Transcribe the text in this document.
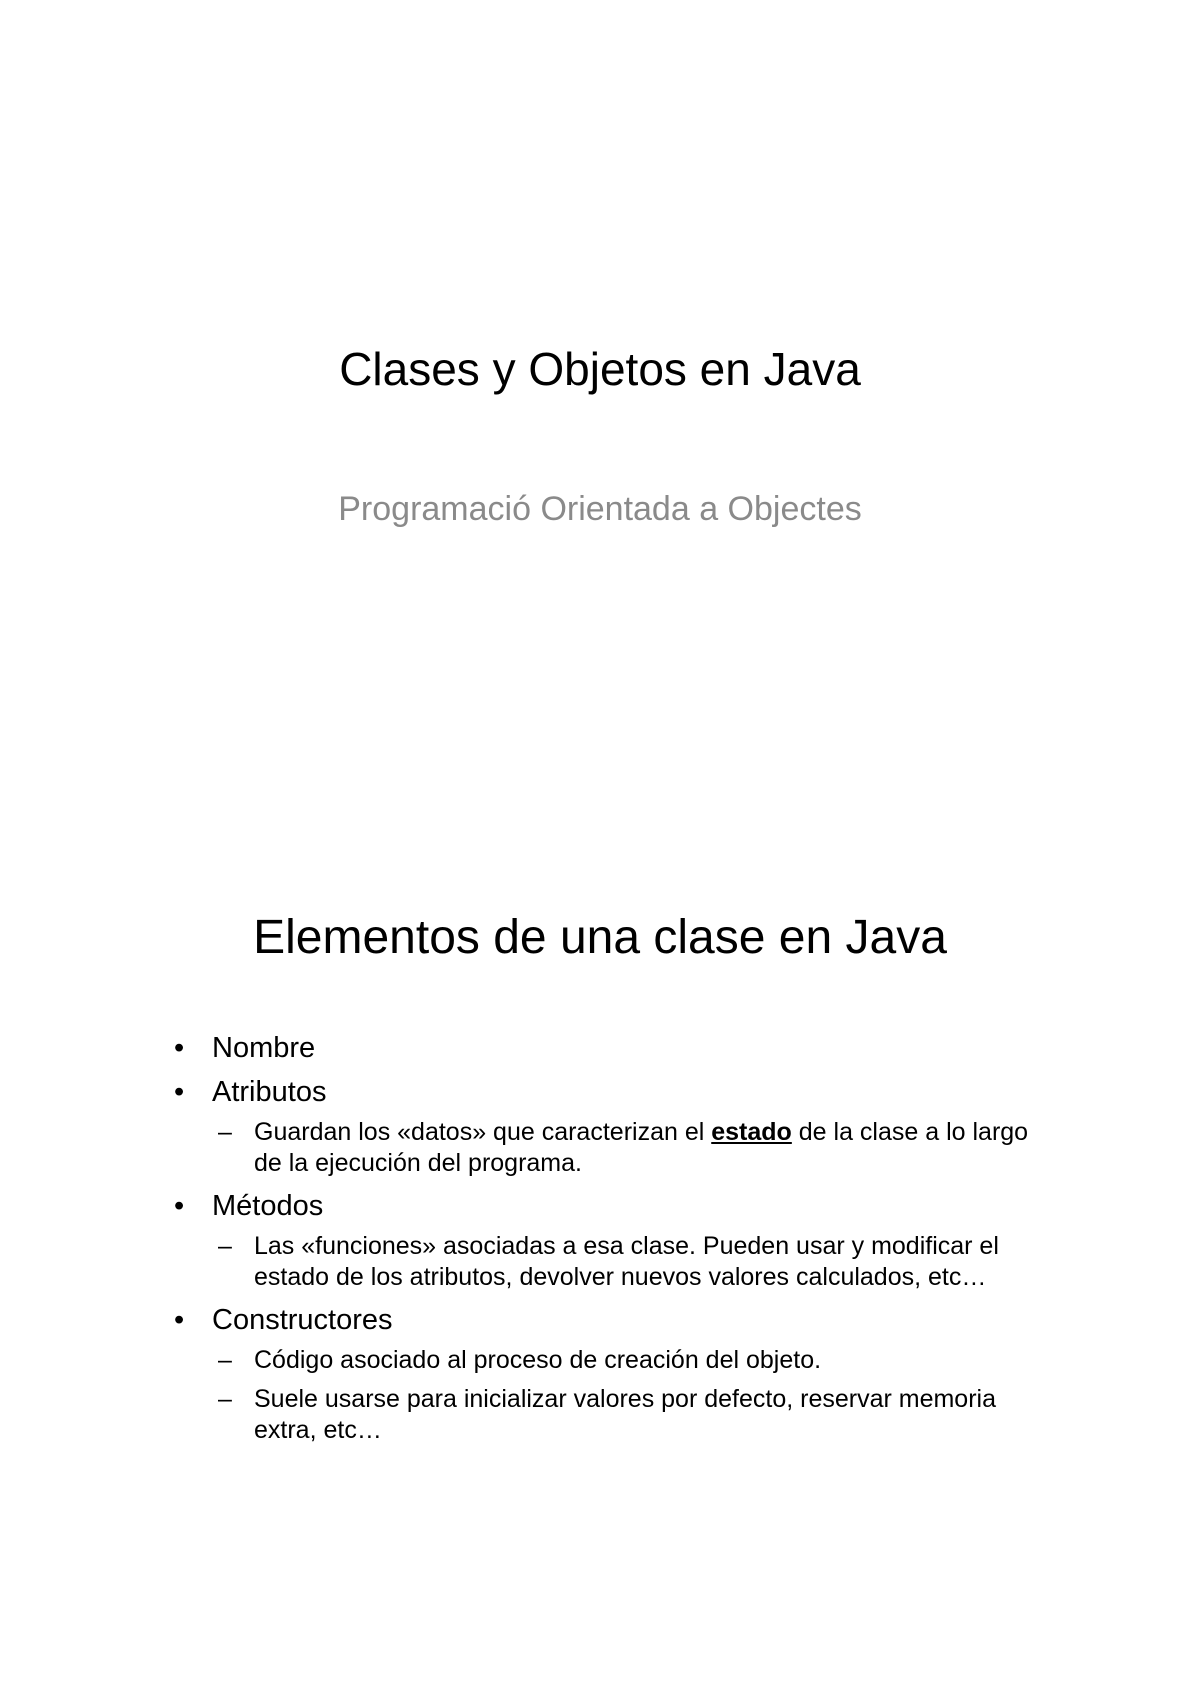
Clases y Objetos en Java
Programació Orientada a Objectes
Elementos de una clase en Java
• Nombre
• Atributos
– Guardan los «datos» que caracterizan el estado de la clase a lo largo de la ejecución del programa.
• Métodos
– Las «funciones» asociadas a esa clase. Pueden usar y modificar el estado de los atributos, devolver nuevos valores calculados, etc…
• Constructores
– Código asociado al proceso de creación del objeto.
– Suele usarse para inicializar valores por defecto, reservar memoria extra, etc…
